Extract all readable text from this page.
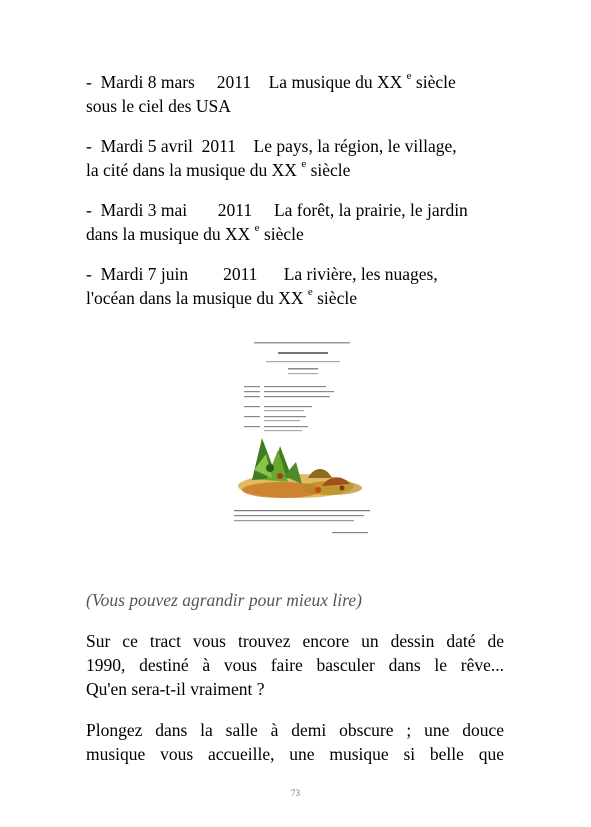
- Mardi 8 mars 2011 La musique du XX $^e$ siècle
sous le ciel des USA
- Mardi 5 avril 2011 Le pays, la région, le village,
la cité dans la musique du XX $^e$ siècle
- Mardi 3 mai 2011 La forêt, la prairie, le jardin
dans la musique du XX $^e$ siècle
- Mardi 7 juin 2011 La rivière, les nuages,
l'océan dans la musique du XX $^e$ siècle
(Vous pouvez agrandir pour mieux lire)
Sur ce tract vous trouvez encore un dessin daté de
1990, destiné à vous faire basculer dans le rêve...
Qu'en sera-t-il vraiment ?
Plongez dans la salle à demi obscure ; une douce
musique vous accueille, une musique si belle que
73
